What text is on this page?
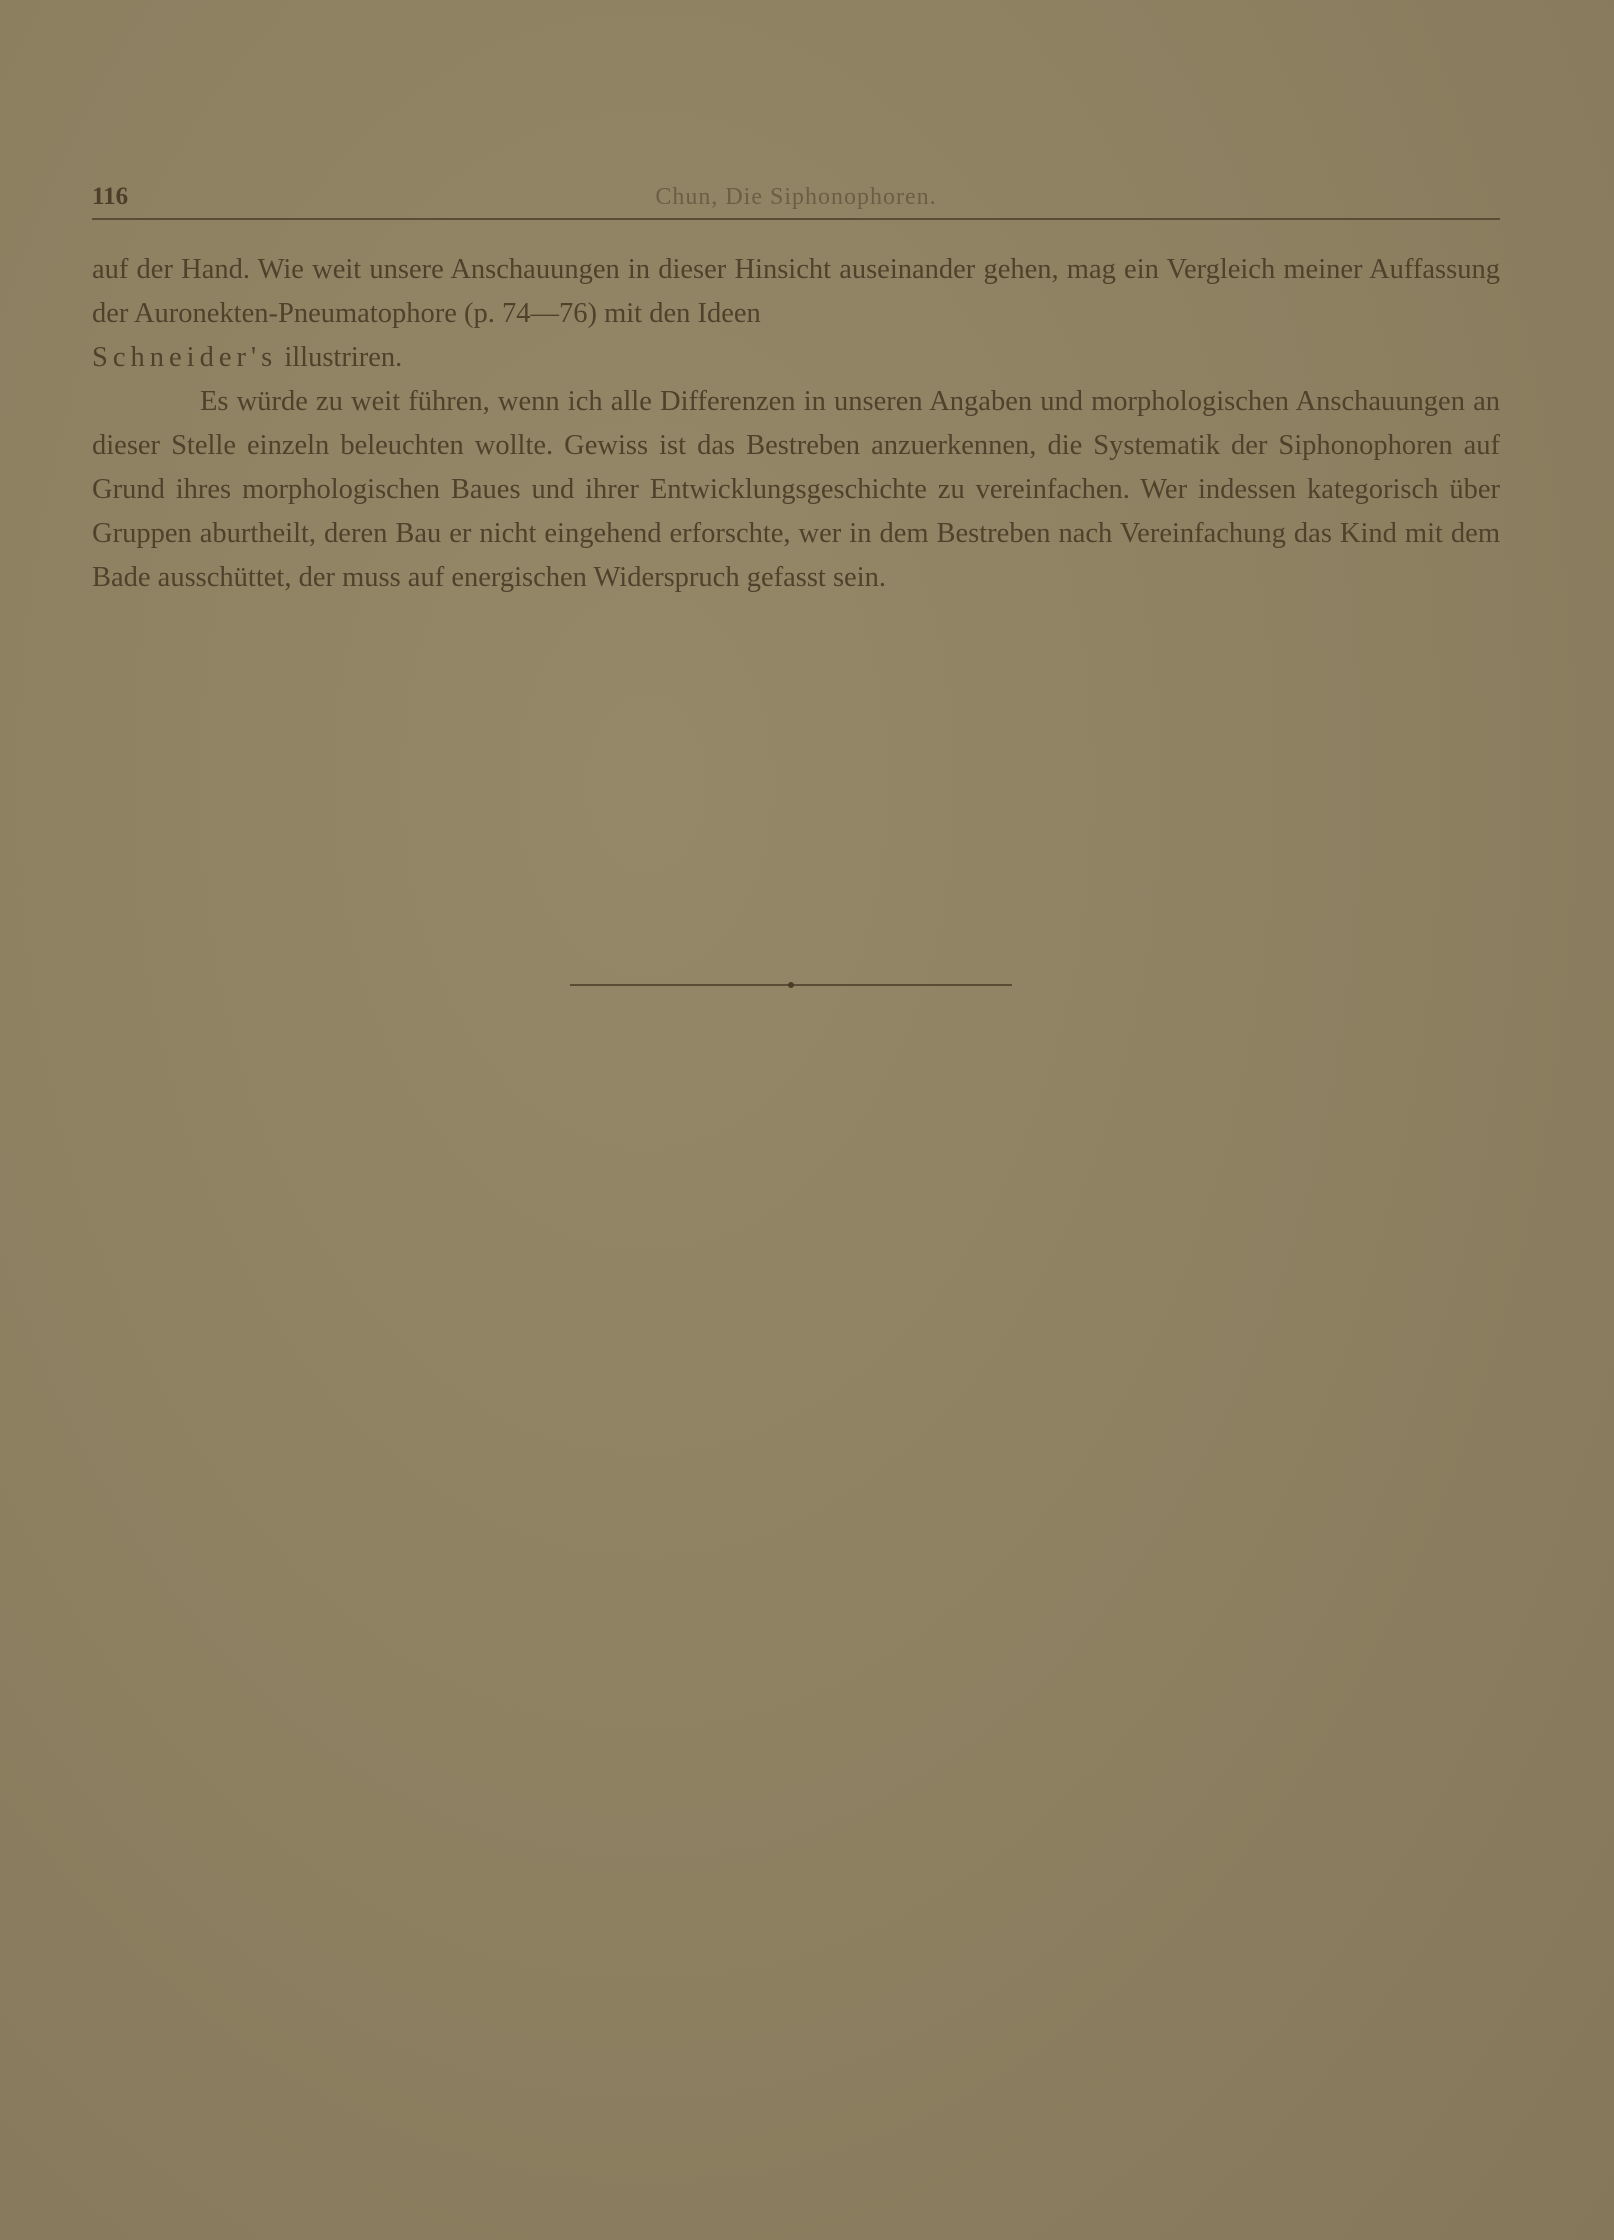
116	Chun, Die Siphonophoren.

auf der Hand. Wie weit unsere Anschauungen in dieser Hinsicht auseinander gehen, mag ein Vergleich meiner Auffassung der Auronekten-Pneumatophore (p. 74—76) mit den Ideen
Schneider's illustriren.

Es würde zu weit führen, wenn ich alle Differenzen in unseren Angaben und morphologischen Anschauungen an dieser Stelle einzeln beleuchten wollte. Gewiss ist das Bestreben anzuerkennen, die Systematik der Siphonophoren auf Grund ihres morphologischen Baues und ihrer Entwicklungsgeschichte zu vereinfachen. Wer indessen kategorisch über Gruppen aburtheilt, deren Bau er nicht eingehend erforschte, wer in dem Bestreben nach Vereinfachung das Kind mit dem Bade ausschüttet, der muss auf energischen Widerspruch gefasst sein.
